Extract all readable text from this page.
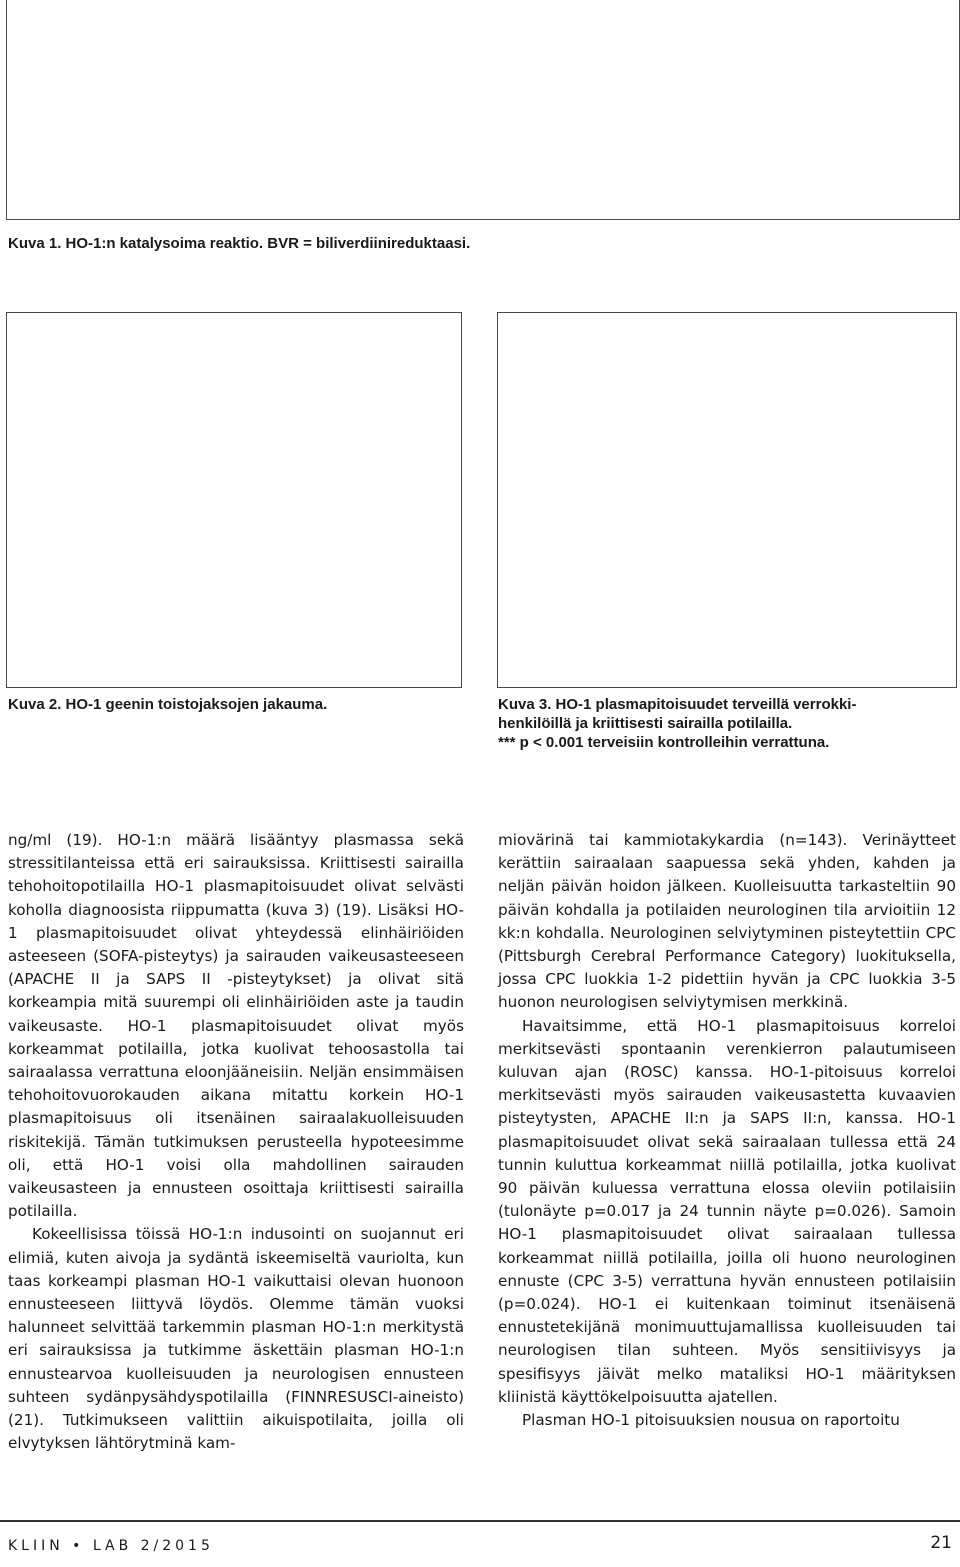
Kuva 1. HO-1:n katalysoima reaktio. BVR = biliverdiinireduktaasi.
Kuva 2. HO-1 geenin toistojaksojen jakauma.	Kuva 3. HO-1 plasmapitoisuudet terveillä verrokki-
henkilöillä ja kriittisesti sairailla potilailla.
*** p < 0.001 terveisiin kontrolleihin verrattuna.

ng/ml (19). HO-1:n määrä lisääntyy plasmassa sekä stressitilanteissa että eri sairauksissa. Kriittisesti sairailla tehohoitopotilailla HO-1 plasmapitoisuudet olivat selvästi koholla diagnoosista riippumatta (kuva 3) (19). Lisäksi HO-1 plasmapitoisuudet olivat yhteydessä elinhäiriöiden asteeseen (SOFA-pisteytys) ja sairauden vaikeusasteeseen (APACHE II ja SAPS II -pisteytykset) ja olivat sitä korkeampia mitä suurempi oli elinhäiriöiden aste ja taudin vaikeusaste. HO-1 plasmapitoisuudet olivat myös korkeammat potilailla, jotka kuolivat tehoosastolla tai sairaalassa verrattuna eloonjääneisiin. Neljän ensimmäisen tehohoitovuorokauden aikana mitattu korkein HO-1 plasmapitoisuus oli itsenäinen sairaalakuolleisuuden riskitekijä. Tämän tutkimuksen perusteella hypoteesimme oli, että HO-1 voisi olla mahdollinen sairauden vaikeusasteen ja ennusteen osoittaja kriittisesti sairailla potilailla.

Kokeellisissa töissä HO-1:n indusointi on suojannut eri elimiä, kuten aivoja ja sydäntä iskeemiseltä vauriolta, kun taas korkeampi plasman HO-1 vaikuttaisi olevan huonoon ennusteeseen liittyvä löydös. Olemme tämän vuoksi halunneet selvittää tarkemmin plasman HO-1:n merkitystä eri sairauksissa ja tutkimme äskettäin plasman HO-1:n ennustearvoa kuolleisuuden ja neurologisen ennusteen suhteen sydänpysähdyspotilailla (FINNRESUSCI-aineisto) (21). Tutkimukseen valittiin aikuispotilaita, joilla oli elvytyksen lähtörytminä kam-

miovärinä tai kammiotakykardia (n=143). Verinäytteet kerättiin sairaalaan saapuessa sekä yhden, kahden ja neljän päivän hoidon jälkeen. Kuolleisuutta tarkasteltiin 90 päivän kohdalla ja potilaiden neurologinen tila arvioitiin 12 kk:n kohdalla. Neurologinen selviytyminen pisteytettiin CPC (Pittsburgh Cerebral Performance Category) luokituksella, jossa CPC luokkia 1-2 pidettiin hyvän ja CPC luokkia 3-5 huonon neurologisen selviytymisen merkkinä.

Havaitsimme, että HO-1 plasmapitoisuus korreloi merkitsevästi spontaanin verenkierron palautumiseen kuluvan ajan (ROSC) kanssa. HO-1-pitoisuus korreloi merkitsevästi myös sairauden vaikeusastetta kuvaavien pisteytysten, APACHE II:n ja SAPS II:n, kanssa. HO-1 plasmapitoisuudet olivat sekä sairaalaan tullessa että 24 tunnin kuluttua korkeammat niillä potilailla, jotka kuolivat 90 päivän kuluessa verrattuna elossa oleviin potilaisiin (tulonäyte p=0.017 ja 24 tunnin näyte p=0.026). Samoin HO-1 plasmapitoisuudet olivat sairaalaan tullessa korkeammat niillä potilailla, joilla oli huono neurologinen ennuste (CPC 3-5) verrattuna hyvän ennusteen potilaisiin (p=0.024). HO-1 ei kuitenkaan toiminut itsenäisenä ennustetekijänä monimuuttujamallissa kuolleisuuden tai neurologisen tilan suhteen. Myös sensitiivisyys ja spesifisyys jäivät melko mataliksi HO-1 määrityksen kliinistä käyttökelpoisuutta ajatellen.

Plasman HO-1 pitoisuuksien nousua on raportoitu

KLIIN • LAB 2/2015	21
